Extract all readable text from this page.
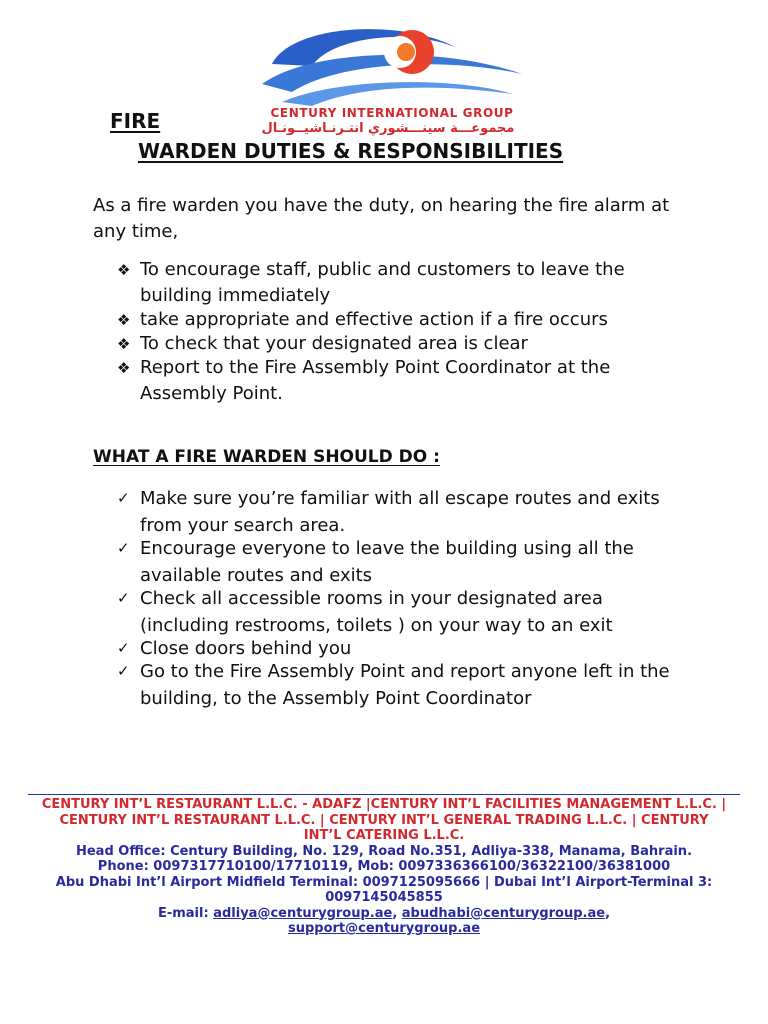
CENTURY INTERNATIONAL GROUP
مجموعـــة سينـــشوري انتـرنـاشيــونـال
FIRE
WARDEN DUTIES & RESPONSIBILITIES

As a fire warden you have the duty, on hearing the fire alarm at any time,

❖ To encourage staff, public and customers to leave the building immediately
❖ take appropriate and effective action if a fire occurs
❖ To check that your designated area is clear
❖ Report to the Fire Assembly Point Coordinator at the Assembly Point.
WHAT A FIRE WARDEN SHOULD DO :
✓ Make sure you’re familiar with all escape routes and exits from your search area.
✓ Encourage everyone to leave the building using all the available routes and exits
✓ Check all accessible rooms in your designated area (including restrooms, toilets ) on your way to an exit
✓ Close doors behind you
✓ Go to the Fire Assembly Point and report anyone left in the building, to the Assembly Point Coordinator
CENTURY INT’L RESTAURANT L.L.C. - ADAFZ |CENTURY INT’L FACILITIES MANAGEMENT L.L.C. |
CENTURY INT’L RESTAURANT L.L.C. | CENTURY INT’L GENERAL TRADING L.L.C. | CENTURY INT’L CATERING L.L.C.
Head Office: Century Building, No. 129, Road No.351, Adliya-338, Manama, Bahrain.
Phone: 0097317710100/17710119, Mob: 0097336366100/36322100/36381000
Abu Dhabi Int’l Airport Midfield Terminal: 0097125095666 | Dubai Int’l Airport-Terminal 3: 0097145045855
E-mail: adliya@centurygroup.ae, abudhabi@centurygroup.ae,
support@centurygroup.ae
